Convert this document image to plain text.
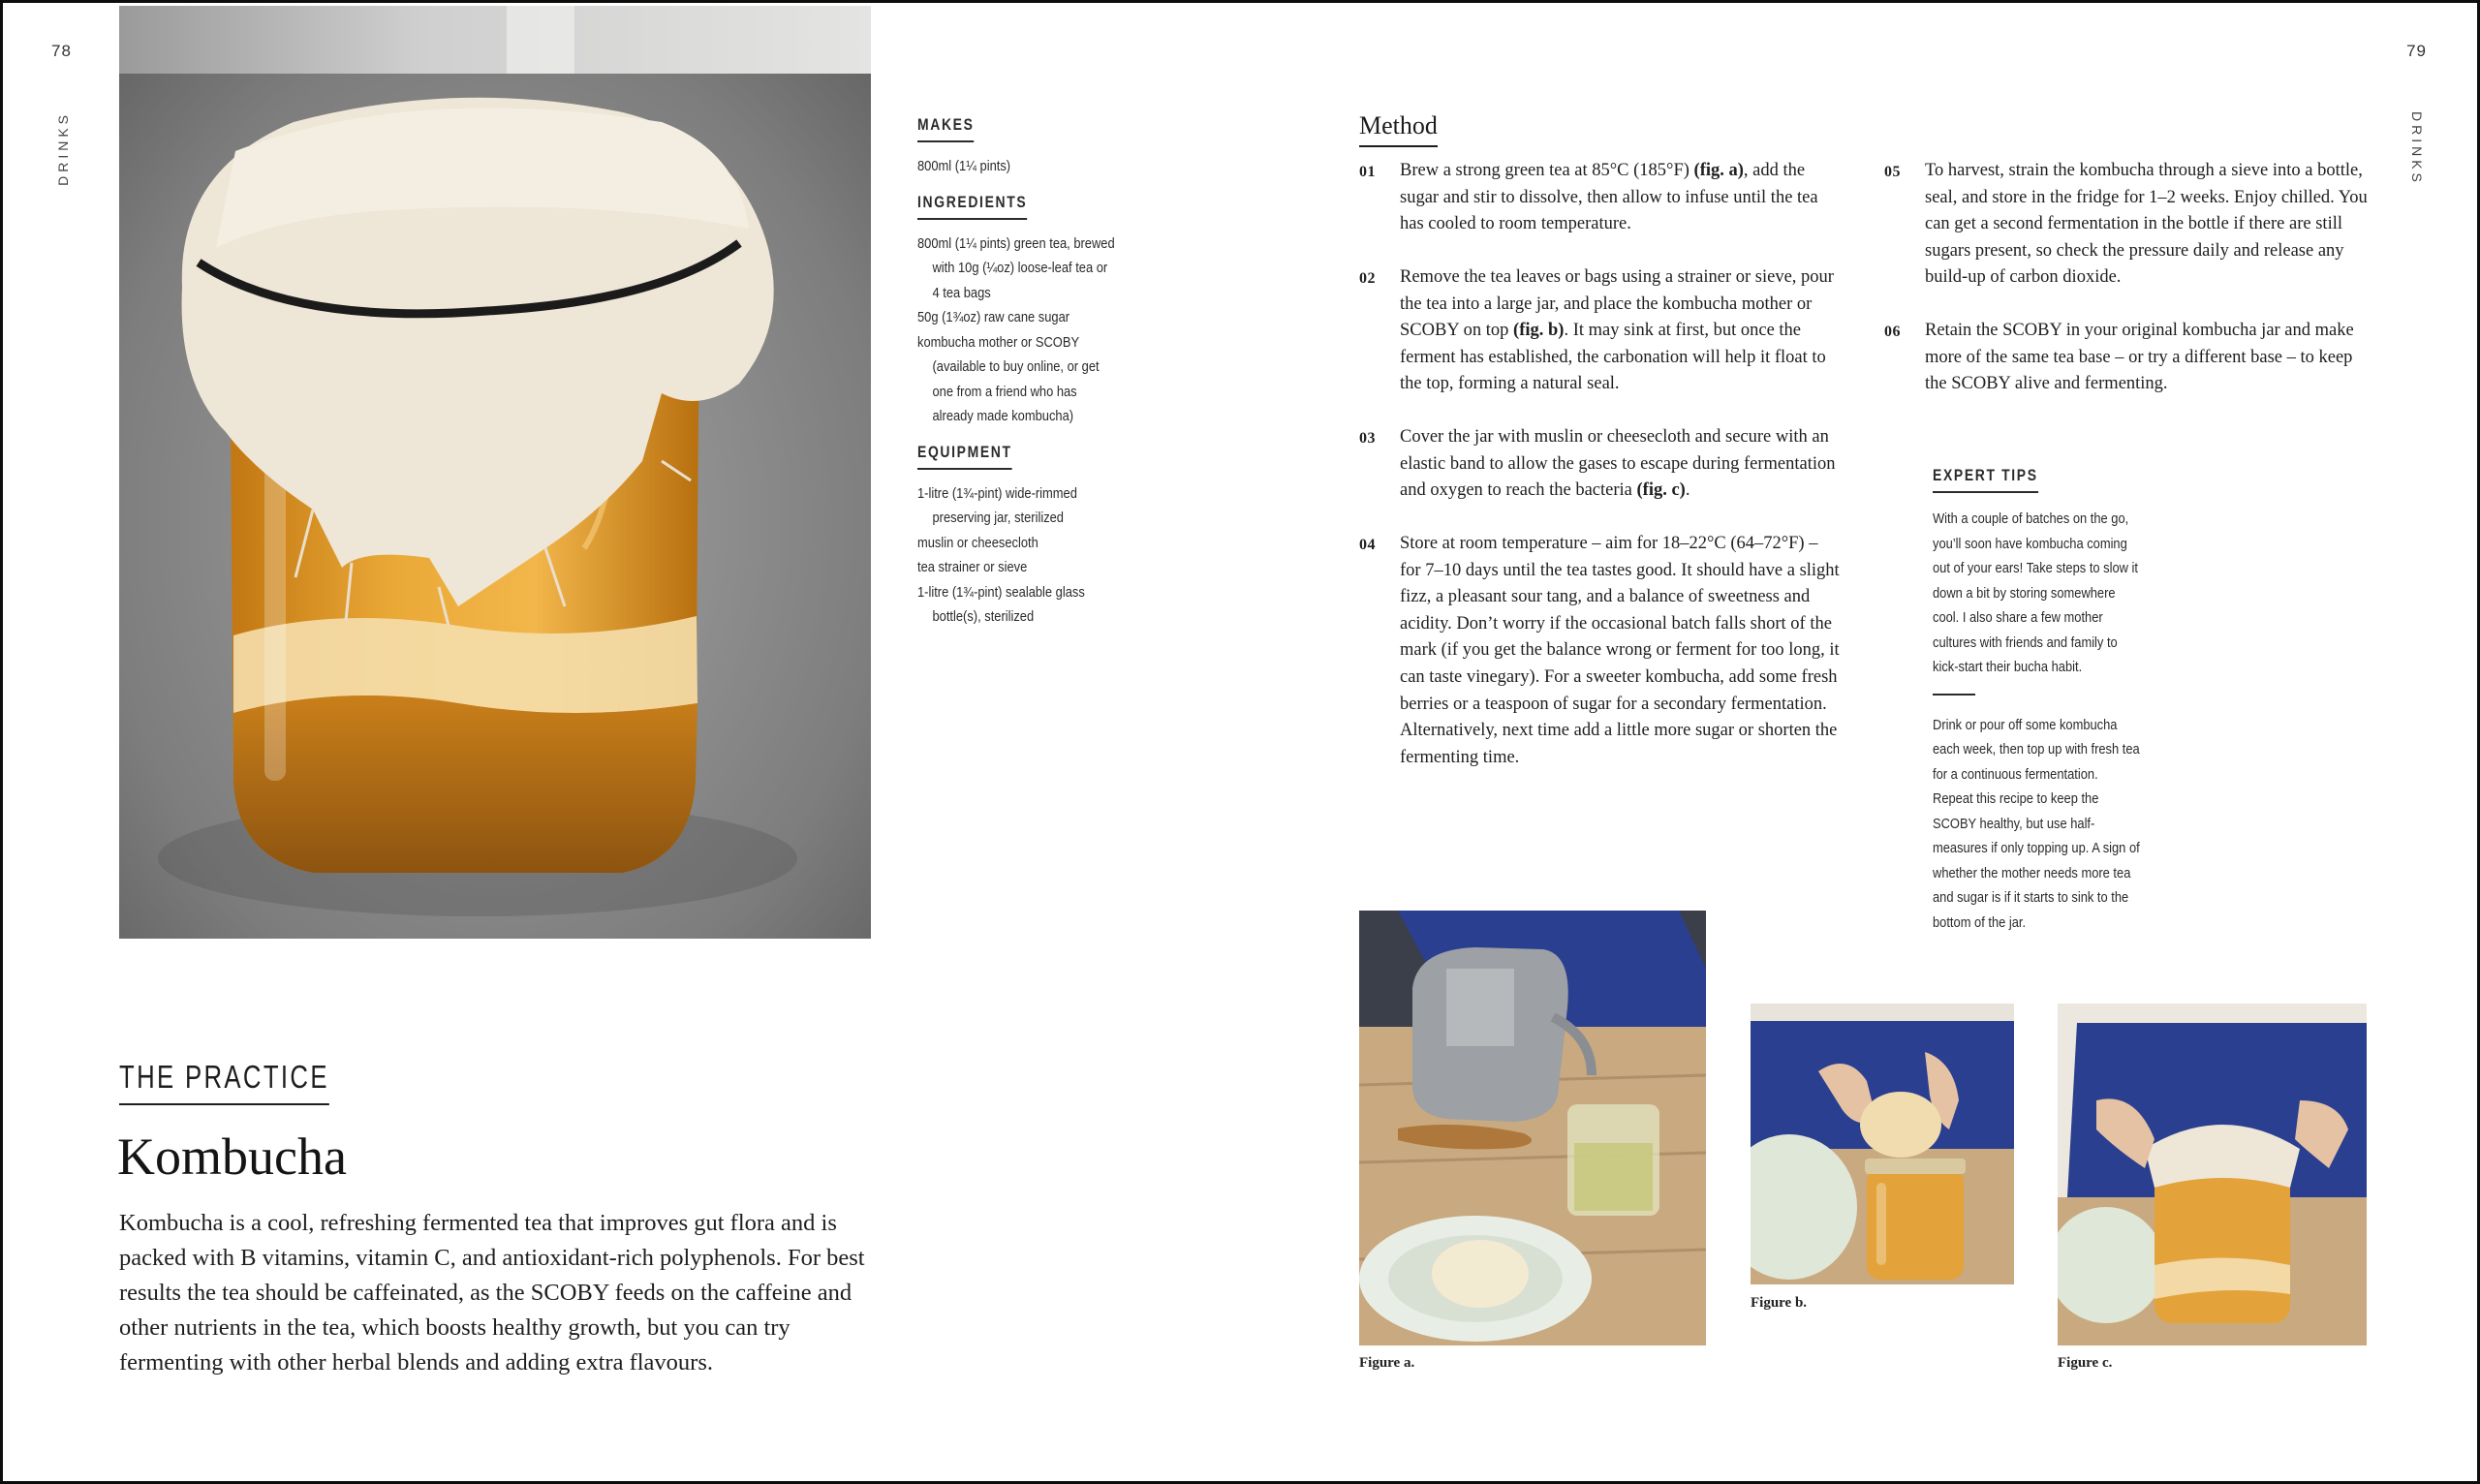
78	79
DRINKS	DRINKS
MAKES
800ml (1¼ pints)
INGREDIENTS
800ml (1¼ pints) green tea, brewed with 10g (¼oz) loose-leaf tea or 4 tea bags
50g (1¾oz) raw cane sugar
kombucha mother or SCOBY (available to buy online, or get one from a friend who has already made kombucha)
EQUIPMENT
1-litre (1¾-pint) wide-rimmed preserving jar, sterilized
muslin or cheesecloth
tea strainer or sieve
1-litre (1¾-pint) sealable glass bottle(s), sterilized
Method
01	Brew a strong green tea at 85°C (185°F) (fig. a), add the sugar and stir to dissolve, then allow to infuse until the tea has cooled to room temperature.
02	Remove the tea leaves or bags using a strainer or sieve, pour the tea into a large jar, and place the kombucha mother or SCOBY on top (fig. b). It may sink at first, but once the ferment has established, the carbonation will help it float to the top, forming a natural seal.
03	Cover the jar with muslin or cheesecloth and secure with an elastic band to allow the gases to escape during fermentation and oxygen to reach the bacteria (fig. c).
04	Store at room temperature – aim for 18–22°C (64–72°F) – for 7–10 days until the tea tastes good. It should have a slight fizz, a pleasant sour tang, and a balance of sweetness and acidity. Don’t worry if the occasional batch falls short of the mark (if you get the balance wrong or ferment for too long, it can taste vinegary). For a sweeter kombucha, add some fresh berries or a teaspoon of sugar for a secondary fermentation. Alternatively, next time add a little more sugar or shorten the fermenting time.
05	To harvest, strain the kombucha through a sieve into a bottle, seal, and store in the fridge for 1–2 weeks. Enjoy chilled. You can get a second fermentation in the bottle if there are still sugars present, so check the pressure daily and release any build-up of carbon dioxide.
06	Retain the SCOBY in your original kombucha jar and make more of the same tea base – or try a different base – to keep the SCOBY alive and fermenting.
EXPERT TIPS
With a couple of batches on the go, you’ll soon have kombucha coming out of your ears! Take steps to slow it down a bit by storing somewhere cool. I also share a few mother cultures with friends and family to kick-start their bucha habit.
Drink or pour off some kombucha each week, then top up with fresh tea for a continuous fermentation. Repeat this recipe to keep the SCOBY healthy, but use half-measures if only topping up. A sign of whether the mother needs more tea and sugar is if it starts to sink to the bottom of the jar.
Figure a.
Figure b.
Figure c.
THE PRACTICE
Kombucha

Kombucha is a cool, refreshing fermented tea that improves gut flora and is packed with B vitamins, vitamin C, and antioxidant-rich polyphenols. For best results the tea should be caffeinated, as the SCOBY feeds on the caffeine and other nutrients in the tea, which boosts healthy growth, but you can try fermenting with other herbal blends and adding extra flavours.
